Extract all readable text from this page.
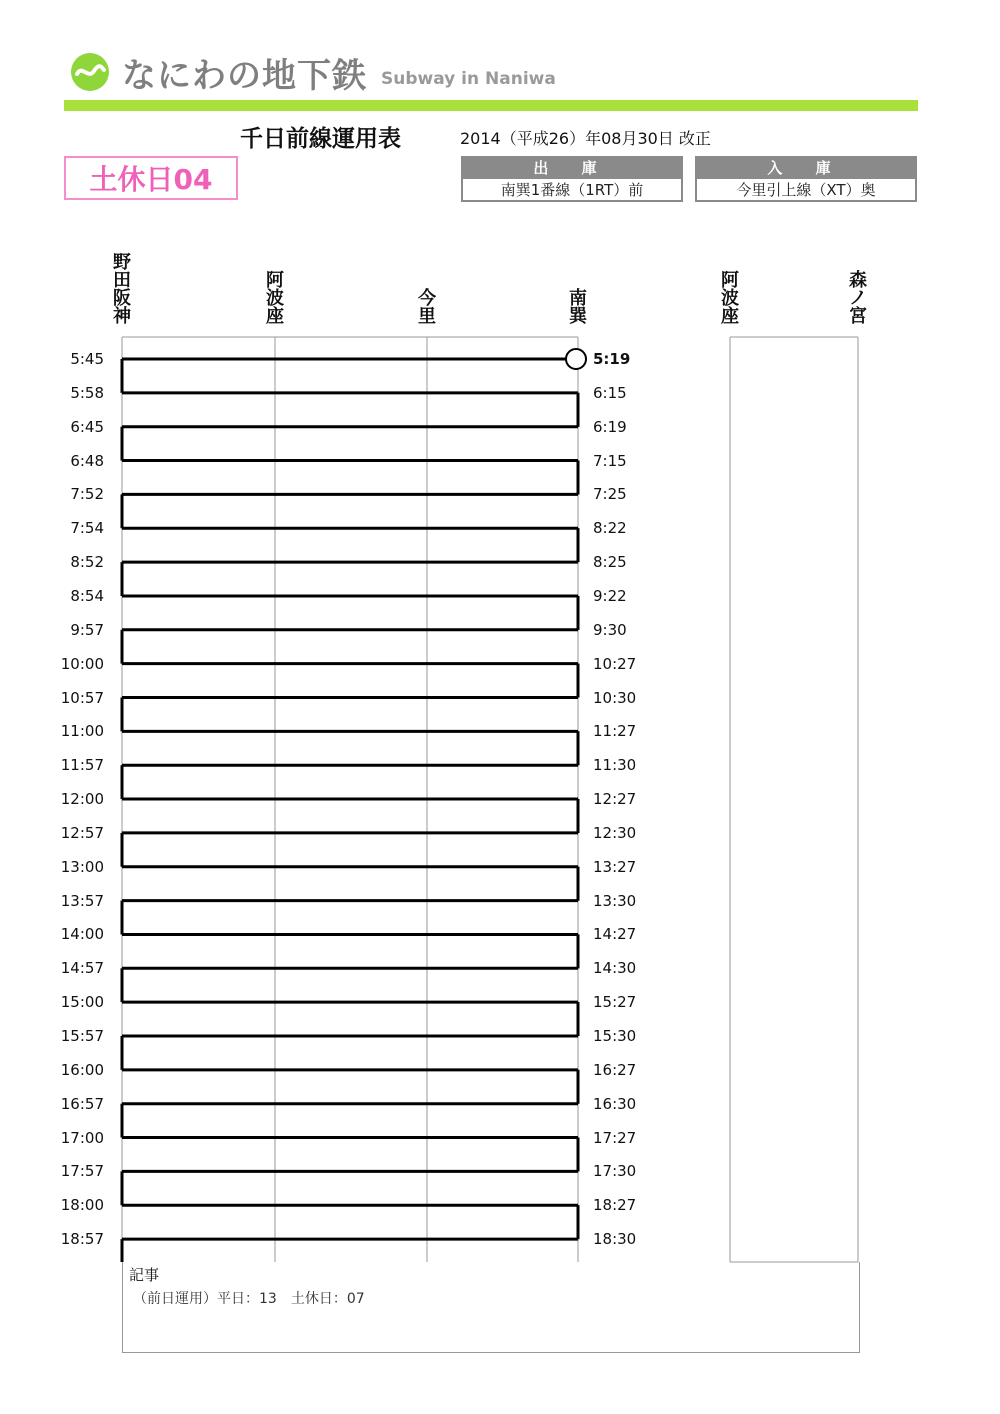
なにわの地下鉄 Subway in Naniwa
千日前線運用表	2014（平成26）年08月30日 改正
土休日04	出 庫
南巽1番線（1RT）前
入 庫
今里引上線（XT）奥
野田阪神
阿波座
今里
南巽
阿波座
森ノ宮
5:45
5:58
6:45
6:48
7:52
7:54
8:52
8:54
9:57
10:00
10:57
11:00
11:57
12:00
12:57
13:00
13:57
14:00
14:57
15:00
15:57
16:00
16:57
17:00
17:57
18:00
18:57
5:19
6:15
6:19
7:15
7:25
8:22
8:25
9:22
9:30
10:27
10:30
11:27
11:30
12:27
12:30
13:27
13:30
14:27
14:30
15:27
15:30
16:27
16:30
17:27
17:30
18:27
18:30
記事
（前日運用）平日：13　土休日：07
